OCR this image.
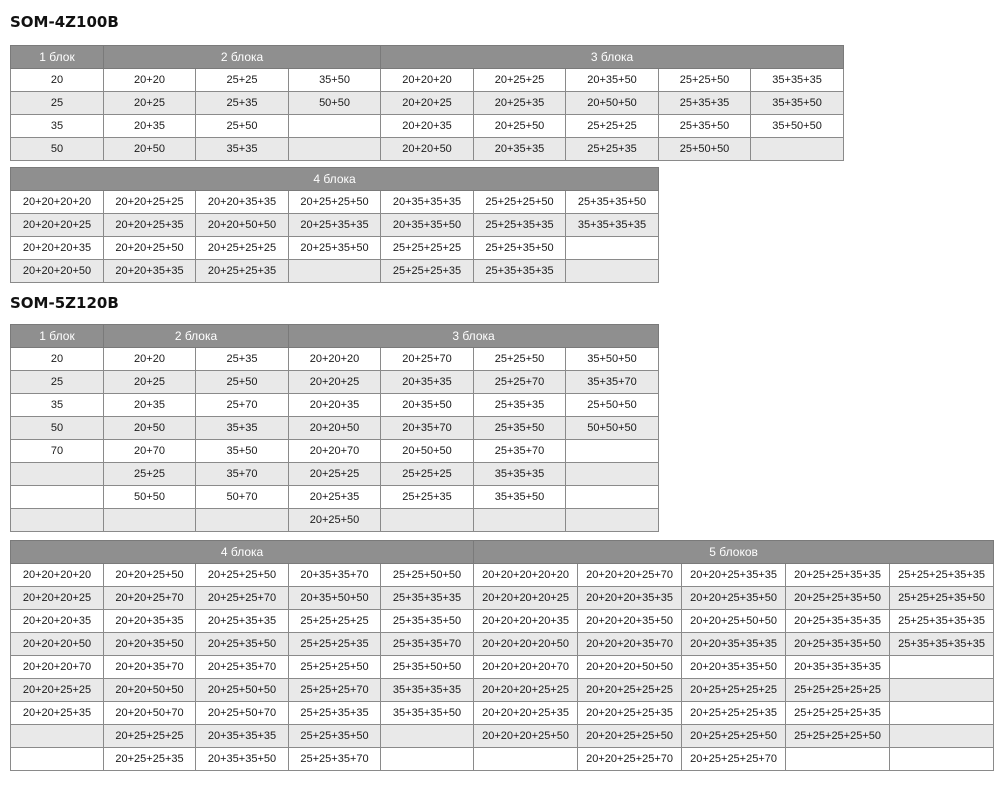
SOM-4Z100B
1 блок	2 блока			3 блока				
20	20+20	25+25	35+50	20+20+20	20+25+25	20+35+50	25+25+50	35+35+35
25	20+25	25+35	50+50	20+20+25	20+25+35	20+50+50	25+35+35	35+35+50
35	20+35	25+50		20+20+35	20+25+50	25+25+25	25+35+50	35+50+50
50	20+50	35+35		20+20+50	20+35+35	25+25+35	25+50+50	
4 блока						
20+20+20+20	20+20+25+25	20+20+35+35	20+25+25+50	20+35+35+35	25+25+25+50	25+35+35+50
20+20+20+25	20+20+25+35	20+20+50+50	20+25+35+35	20+35+35+50	25+25+35+35	35+35+35+35
20+20+20+35	20+20+25+50	20+25+25+25	20+25+35+50	25+25+25+25	25+25+35+50	
20+20+20+50	20+20+35+35	20+25+25+35		25+25+25+35	25+35+35+35	
SOM-5Z120B
1 блок	2 блока		3 блока			
20	20+20	25+35	20+20+20	20+25+70	25+25+50	35+50+50
25	20+25	25+50	20+20+25	20+35+35	25+25+70	35+35+70
35	20+35	25+70	20+20+35	20+35+50	25+35+35	25+50+50
50	20+50	35+35	20+20+50	20+35+70	25+35+50	50+50+50
70	20+70	35+50	20+20+70	20+50+50	25+35+70	
	25+25	35+70	20+25+25	25+25+25	35+35+35	
	50+50	50+70	20+25+35	25+25+35	35+35+50	
			20+25+50			
4 блока					5 блоков				
20+20+20+20	20+20+25+50	20+25+25+50	20+35+35+70	25+25+50+50	20+20+20+20+20	20+20+20+25+70	20+20+25+35+35	20+25+25+35+35	25+25+25+35+35
20+20+20+25	20+20+25+70	20+25+25+70	20+35+50+50	25+35+35+35	20+20+20+20+25	20+20+20+35+35	20+20+25+35+50	20+25+25+35+50	25+25+25+35+50
20+20+20+35	20+20+35+35	20+25+35+35	25+25+25+25	25+35+35+50	20+20+20+20+35	20+20+20+35+50	20+20+25+50+50	20+25+35+35+35	25+25+35+35+35
20+20+20+50	20+20+35+50	20+25+35+50	25+25+25+35	25+35+35+70	20+20+20+20+50	20+20+20+35+70	20+20+35+35+35	20+25+35+35+50	25+35+35+35+35
20+20+20+70	20+20+35+70	20+25+35+70	25+25+25+50	25+35+50+50	20+20+20+20+70	20+20+20+50+50	20+20+35+35+50	20+35+35+35+35	
20+20+25+25	20+20+50+50	20+25+50+50	25+25+25+70	35+35+35+35	20+20+20+25+25	20+20+25+25+25	20+25+25+25+25	25+25+25+25+25	
20+20+25+35	20+20+50+70	20+25+50+70	25+25+35+35	35+35+35+50	20+20+20+25+35	20+20+25+25+35	20+25+25+25+35	25+25+25+25+35	
	20+25+25+25	20+35+35+35	25+25+35+50		20+20+20+25+50	20+20+25+25+50	20+25+25+25+50	25+25+25+25+50	
	20+25+25+35	20+35+35+50	25+25+35+70			20+20+25+25+70	20+25+25+25+70		
